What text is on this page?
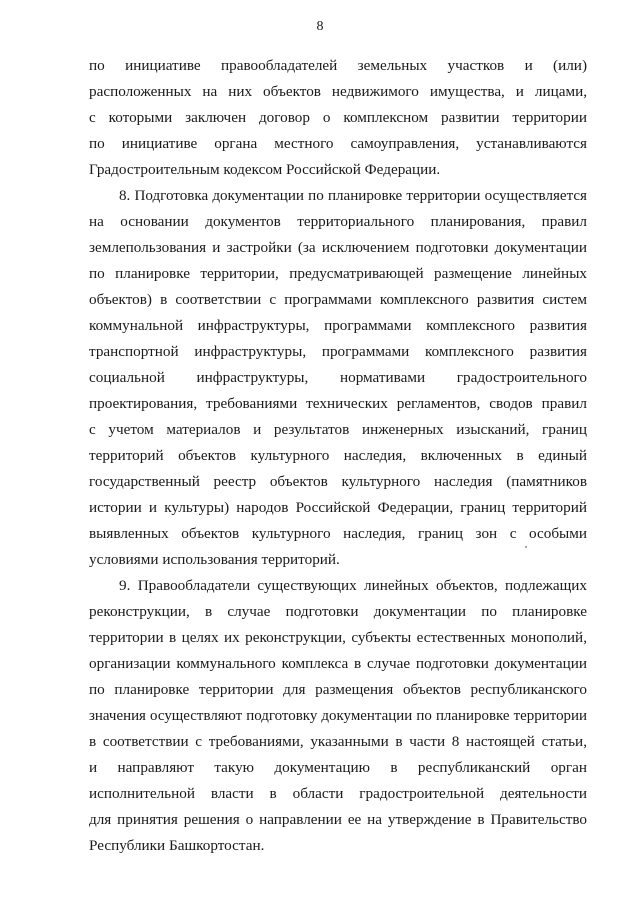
8
по инициативе правообладателей земельных участков и (или)
расположенных на них объектов недвижимого имущества, и лицами,
с которыми заключен договор о комплексном развитии территории
по инициативе органа местного самоуправления, устанавливаются
Градостроительным кодексом Российской Федерации.
8. Подготовка документации по планировке территории осуществляется
на основании документов территориального планирования, правил
землепользования и застройки (за исключением подготовки документации
по планировке территории, предусматривающей размещение линейных
объектов) в соответствии с программами комплексного развития систем
коммунальной инфраструктуры, программами комплексного развития
транспортной инфраструктуры, программами комплексного развития
социальной инфраструктуры, нормативами градостроительного
проектирования, требованиями технических регламентов, сводов правил
с учетом материалов и результатов инженерных изысканий, границ
территорий объектов культурного наследия, включенных в единый
государственный реестр объектов культурного наследия (памятников
истории и культуры) народов Российской Федерации, границ территорий
выявленных объектов культурного наследия, границ зон с особыми
условиями использования территорий.
9. Правообладатели существующих линейных объектов, подлежащих
реконструкции, в случае подготовки документации по планировке
территории в целях их реконструкции, субъекты естественных монополий,
организации коммунального комплекса в случае подготовки документации
по планировке территории для размещения объектов республиканского
значения осуществляют подготовку документации по планировке территории
в соответствии с требованиями, указанными в части 8 настоящей статьи,
и направляют такую документацию в республиканский орган
исполнительной власти в области градостроительной деятельности
для принятия решения о направлении ее на утверждение в Правительство
Республики Башкортостан.
